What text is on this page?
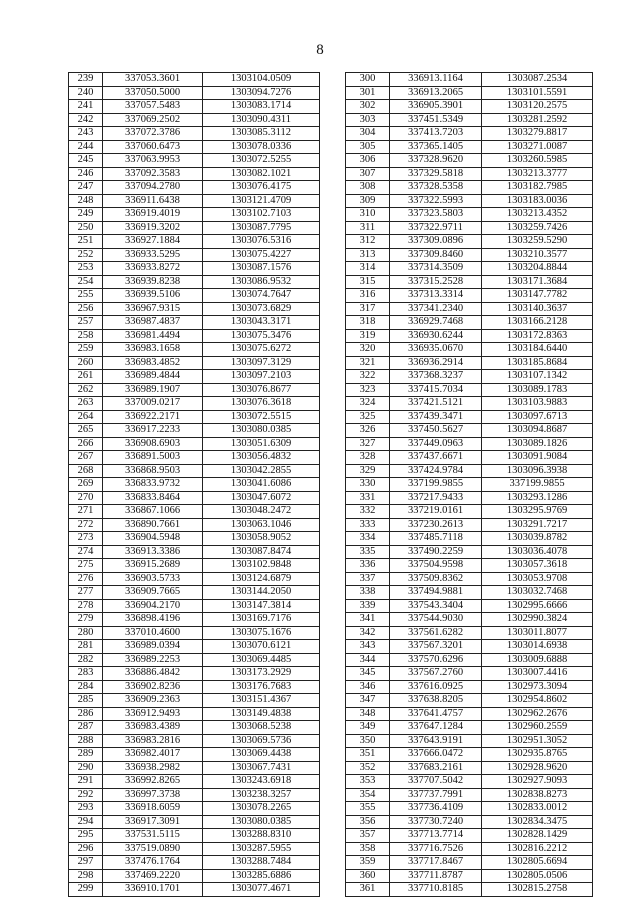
8
239	337053.3601	1303104.0509
240	337050.5000	1303094.7276
241	337057.5483	1303083.1714
242	337069.2502	1303090.4311
243	337072.3786	1303085.3112
244	337060.6473	1303078.0336
245	337063.9953	1303072.5255
246	337092.3583	1303082.1021
247	337094.2780	1303076.4175
248	336911.6438	1303121.4709
249	336919.4019	1303102.7103
250	336919.3202	1303087.7795
251	336927.1884	1303076.5316
252	336933.5295	1303075.4227
253	336933.8272	1303087.1576
254	336939.8238	1303086.9532
255	336939.5106	1303074.7647
256	336967.9315	1303073.6829
257	336987.4837	1303043.3171
258	336981.4494	1303075.3476
259	336983.1658	1303075.6272
260	336983.4852	1303097.3129
261	336989.4844	1303097.2103
262	336989.1907	1303076.8677
263	337009.0217	1303076.3618
264	336922.2171	1303072.5515
265	336917.2233	1303080.0385
266	336908.6903	1303051.6309
267	336891.5003	1303056.4832
268	336868.9503	1303042.2855
269	336833.9732	1303041.6086
270	336833.8464	1303047.6072
271	336867.1066	1303048.2472
272	336890.7661	1303063.1046
273	336904.5948	1303058.9052
274	336913.3386	1303087.8474
275	336915.2689	1303102.9848
276	336903.5733	1303124.6879
277	336909.7665	1303144.2050
278	336904.2170	1303147.3814
279	336898.4196	1303169.7176
280	337010.4600	1303075.1676
281	336989.0394	1303070.6121
282	336989.2253	1303069.4485
283	336886.4842	1303173.2929
284	336902.8236	1303176.7683
285	336909.2363	1303151.4367
286	336912.9493	1303149.4838
287	336983.4389	1303068.5238
288	336983.2816	1303069.5736
289	336982.4017	1303069.4438
290	336938.2982	1303067.7431
291	336992.8265	1303243.6918
292	336997.3738	1303238.3257
293	336918.6059	1303078.2265
294	336917.3091	1303080.0385
295	337531.5115	1303288.8310
296	337519.0890	1303287.5955
297	337476.1764	1303288.7484
298	337469.2220	1303285.6886
299	336910.1701	1303077.4671
300	336913.1164	1303087.2534
301	336913.2065	1303101.5591
302	336905.3901	1303120.2575
303	337451.5349	1303281.2592
304	337413.7203	1303279.8817
305	337365.1405	1303271.0087
306	337328.9620	1303260.5985
307	337329.5818	1303213.3777
308	337328.5358	1303182.7985
309	337322.5993	1303183.0036
310	337323.5803	1303213.4352
311	337322.9711	1303259.7426
312	337309.0896	1303259.5290
313	337309.8460	1303210.3577
314	337314.3509	1303204.8844
315	337315.2528	1303171.3684
316	337313.3314	1303147.7782
317	337341.2340	1303140.3637
318	336929.7468	1303166.2128
319	336930.6244	1303172.8363
320	336935.0670	1303184.6440
321	336936.2914	1303185.8684
322	337368.3237	1303107.1342
323	337415.7034	1303089.1783
324	337421.5121	1303103.9883
325	337439.3471	1303097.6713
326	337450.5627	1303094.8687
327	337449.0963	1303089.1826
328	337437.6671	1303091.9084
329	337424.9784	1303096.3938
330	337199.9855	337199.9855
331	337217.9433	1303293.1286
332	337219.0161	1303295.9769
333	337230.2613	1303291.7217
334	337485.7118	1303039.8782
335	337490.2259	1303036.4078
336	337504.9598	1303057.3618
337	337509.8362	1303053.9708
338	337494.9881	1303032.7468
339	337543.3404	1302995.6666
341	337544.9030	1302990.3824
342	337561.6282	1303011.8077
343	337567.3201	1303014.6938
344	337570.6296	1303009.6888
345	337567.2760	1303007.4416
346	337616.0925	1302973.3094
347	337638.8205	1302954.8602
348	337641.4757	1302962.2676
349	337647.1284	1302960.2559
350	337643.9191	1302951.3052
351	337666.0472	1302935.8765
352	337683.2161	1302928.9620
353	337707.5042	1302927.9093
354	337737.7991	1302838.8273
355	337736.4109	1302833.0012
356	337730.7240	1302834.3475
357	337713.7714	1302828.1429
358	337716.7526	1302816.2212
359	337717.8467	1302805.6694
360	337711.8787	1302805.0506
361	337710.8185	1302815.2758
